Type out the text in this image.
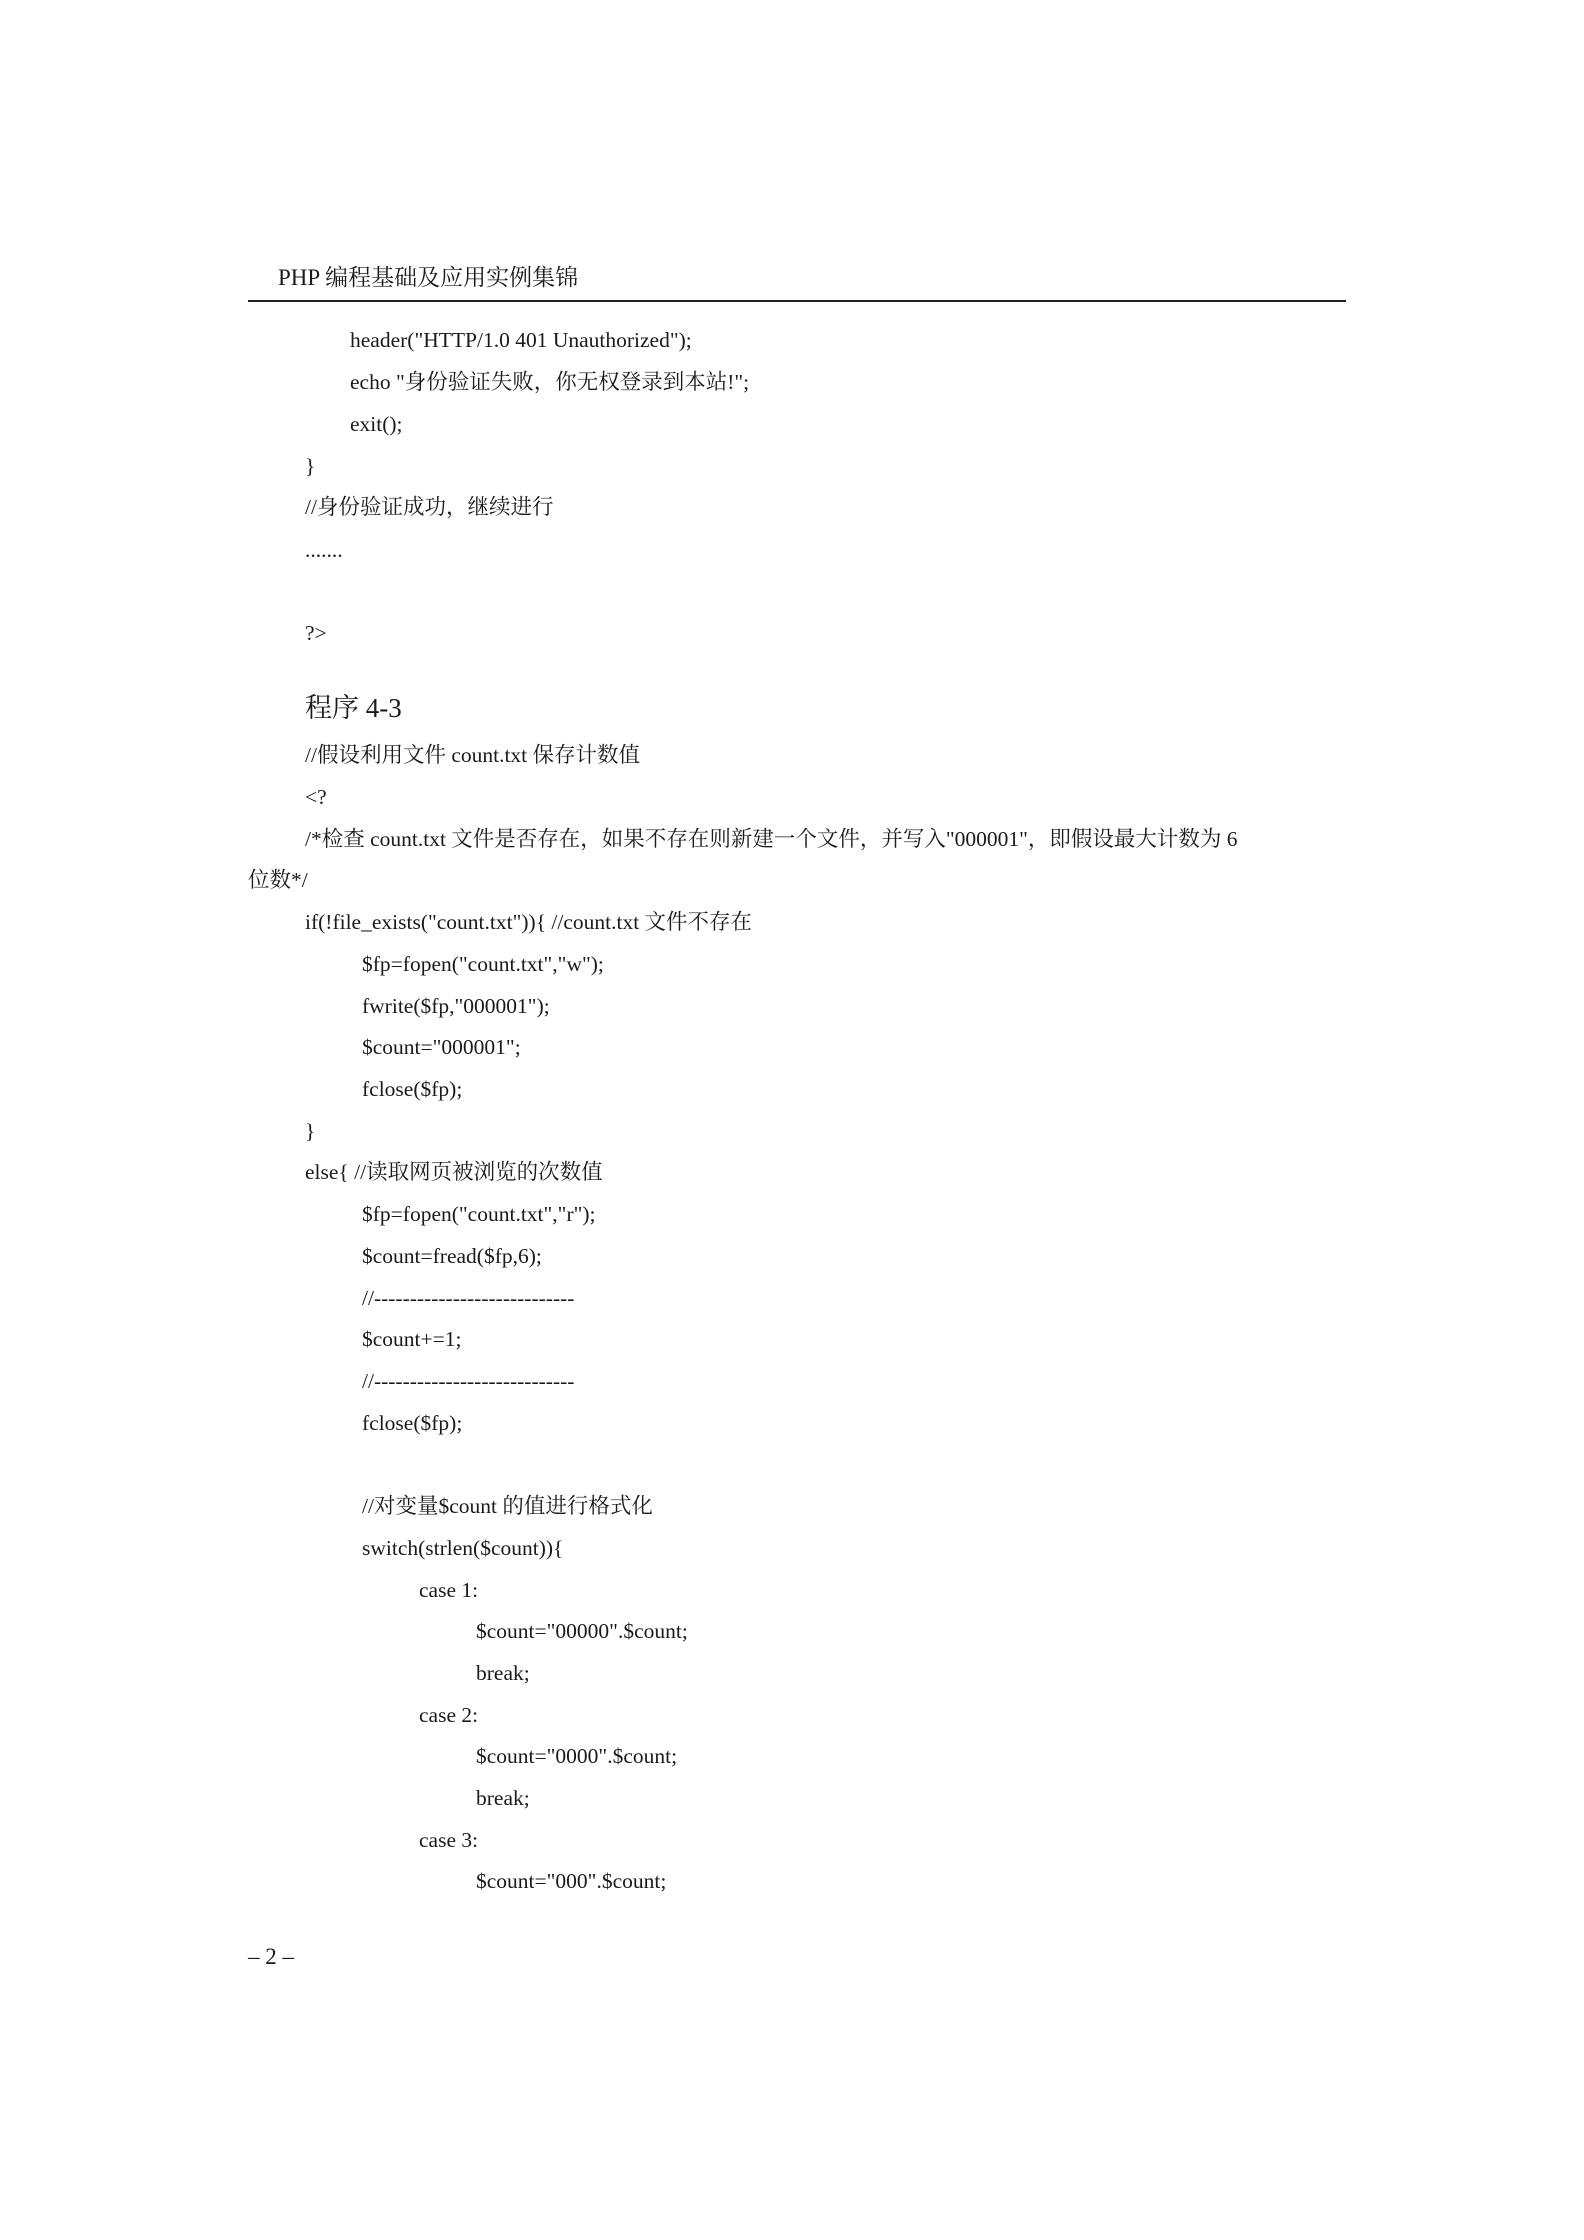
PHP 编程基础及应用实例集锦
header("HTTP/1.0 401 Unauthorized");
echo "身份验证失败，你无权登录到本站!";
exit();
}
//身份验证成功，继续进行
.......
?>
程序 4-3
//假设利用文件 count.txt 保存计数值
<?
/*检查 count.txt 文件是否存在，如果不存在则新建一个文件，并写入"000001"，即假设最大计数为 6
位数*/
if(!file_exists("count.txt")){ //count.txt 文件不存在
$fp=fopen("count.txt","w");
fwrite($fp,"000001");
$count="000001";
fclose($fp);
}
else{ //读取网页被浏览的次数值
$fp=fopen("count.txt","r");
$count=fread($fp,6);
//----------------------------
$count+=1;
//----------------------------
fclose($fp);
//对变量$count 的值进行格式化
switch(strlen($count)){
case 1:
$count="00000".$count;
break;
case 2:
$count="0000".$count;
break;
case 3:
$count="000".$count;
– 2 –
